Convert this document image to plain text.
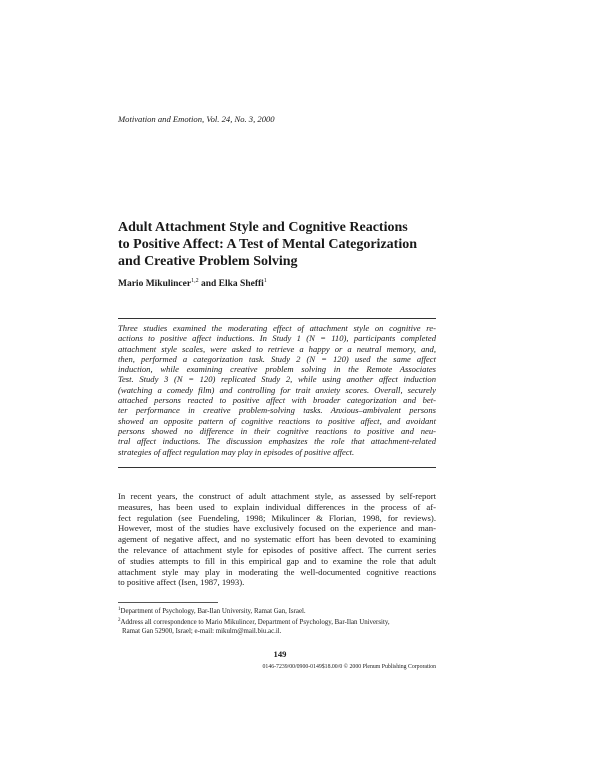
Motivation and Emotion, Vol. 24, No. 3, 2000
Adult Attachment Style and Cognitive Reactions
to Positive Affect: A Test of Mental Categorization
and Creative Problem Solving
Mario Mikulincer$^{1,2}$ and Elka Sheffi$^1$
Three studies examined the moderating effect of attachment style on cognitive re-
actions to positive affect inductions. In Study 1 (N = 110), participants completed
attachment style scales, were asked to retrieve a happy or a neutral memory, and,
then, performed a categorization task. Study 2 (N = 120) used the same affect
induction, while examining creative problem solving in the Remote Associates
Test. Study 3 (N = 120) replicated Study 2, while using another affect induction
(watching a comedy film) and controlling for trait anxiety scores. Overall, securely
attached persons reacted to positive affect with broader categorization and bet-
ter performance in creative problem-solving tasks. Anxious–ambivalent persons
showed an opposite pattern of cognitive reactions to positive affect, and avoidant
persons showed no difference in their cognitive reactions to positive and neu-
tral affect inductions. The discussion emphasizes the role that attachment-related
strategies of affect regulation may play in episodes of positive affect.
In recent years, the construct of adult attachment style, as assessed by self-report
measures, has been used to explain individual differences in the process of af-
fect regulation (see Fuendeling, 1998; Mikulincer & Florian, 1998, for reviews).
However, most of the studies have exclusively focused on the experience and man-
agement of negative affect, and no systematic effort has been devoted to examining
the relevance of attachment style for episodes of positive affect. The current series
of studies attempts to fill in this empirical gap and to examine the role that adult
attachment style may play in moderating the well-documented cognitive reactions
to positive affect (Isen, 1987, 1993).
$^1$Department of Psychology, Bar-Ilan University, Ramat Gan, Israel.
$^2$Address all correspondence to Mario Mikulincer, Department of Psychology, Bar-Ilan University,
Ramat Gan 52900, Israel; e-mail: mikulm@mail.biu.ac.il.
149
0146-7239/00/0900-0149$18.00/0 © 2000 Plenum Publishing Corporation
